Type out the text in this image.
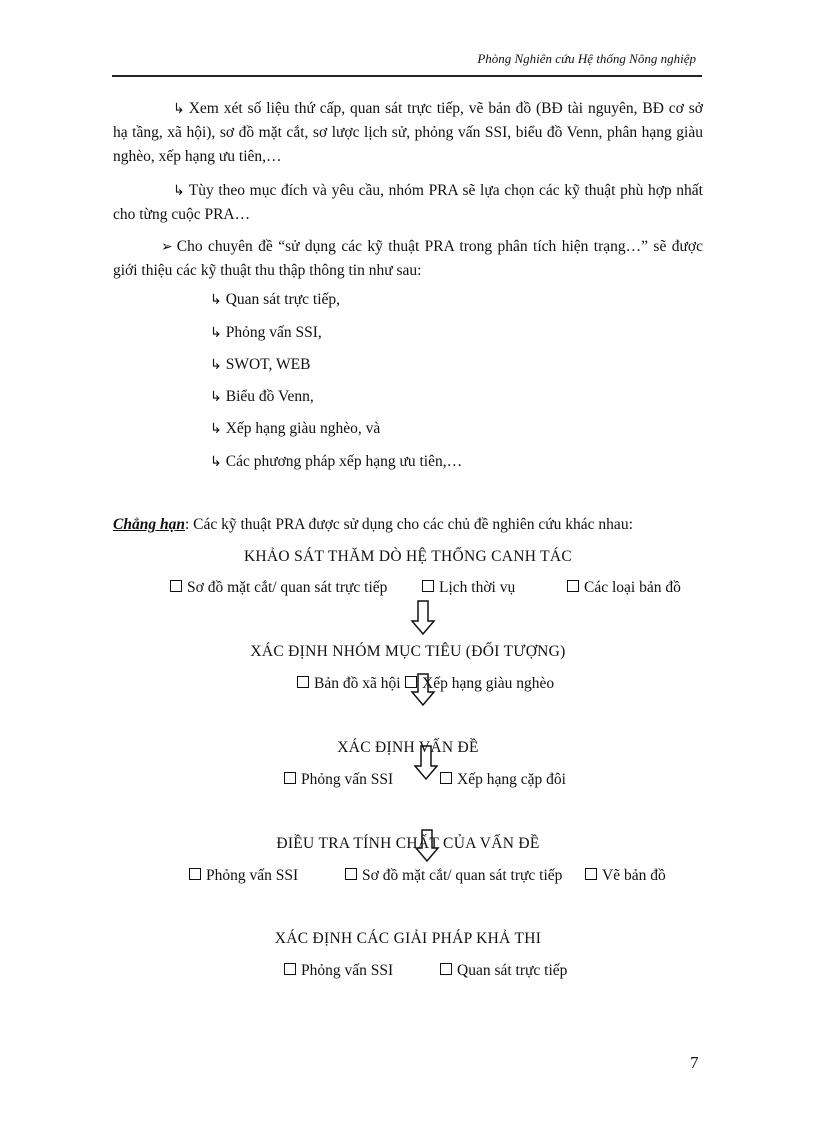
Phòng Nghiên cứu Hệ thống Nông nghiệp
↳ Xem xét số liệu thứ cấp, quan sát trực tiếp, vẽ bản đồ (BĐ tài nguyên, BĐ cơ sở hạ tầng, xã hội), sơ đồ mặt cắt, sơ lược lịch sử, phỏng vấn SSI, biểu đồ Venn, phân hạng giàu nghèo, xếp hạng ưu tiên,…
↳ Tùy theo mục đích và yêu cầu, nhóm PRA sẽ lựa chọn các kỹ thuật phù hợp nhất cho từng cuộc PRA…
➢ Cho chuyên đề “sử dụng các kỹ thuật PRA trong phân tích hiện trạng…” sẽ được giới thiệu các kỹ thuật thu thập thông tin như sau:
↳ Quan sát trực tiếp,
↳ Phỏng vấn SSI,
↳ SWOT, WEB
↳ Biểu đồ Venn,
↳ Xếp hạng giàu nghèo, và
↳ Các phương pháp xếp hạng ưu tiên,…
Chẳng hạn: Các kỹ thuật PRA được sử dụng cho các chủ đề nghiên cứu khác nhau:
KHẢO SÁT THĂM DÒ HỆ THỐNG CANH TÁC
Sơ đồ mặt cắt/ quan sát trực tiếp	Lịch thời vụ	Các loại bản đồ
XÁC ĐỊNH NHÓM MỤC TIÊU (ĐỐI TƯỢNG)
Bản đồ xã hội	Xếp hạng giàu nghèo
XÁC ĐỊNH VẤN ĐỀ
Phỏng vấn SSI	Xếp hạng cặp đôi
ĐIỀU TRA TÍNH CHẤT CỦA VẤN ĐỀ
Phỏng vấn SSI	Sơ đồ mặt cắt/ quan sát trực tiếp	Vẽ bản đồ
XÁC ĐỊNH CÁC GIẢI PHÁP KHẢ THI
Phỏng vấn SSI	Quan sát trực tiếp
7
